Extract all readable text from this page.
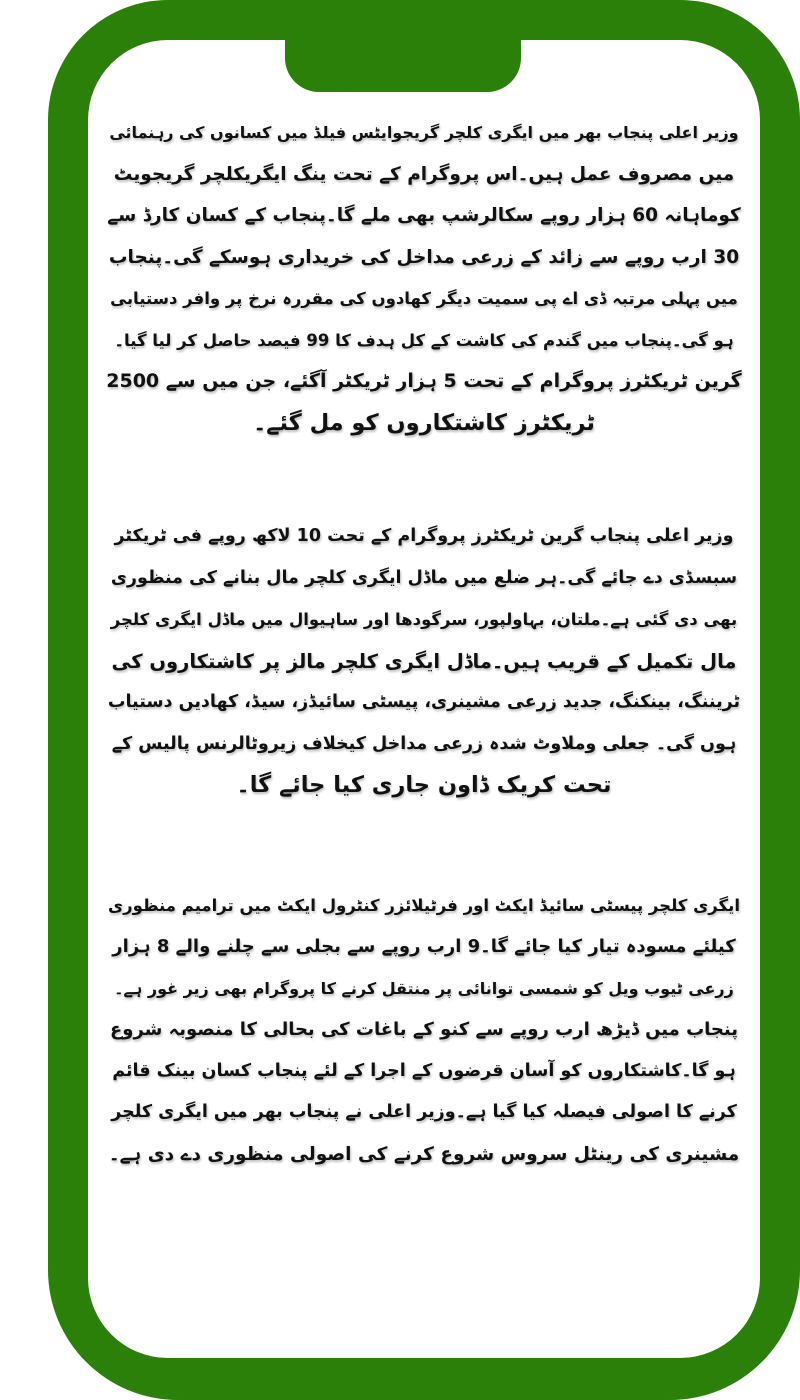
وزیر اعلی پنجاب بھر میں ایگری کلچر گریجوایٹس فیلڈ میں کسانوں کی رہنمائی
میں مصروف عمل ہیں۔اس پروگرام کے تحت ینگ ایگریکلچر گریجویٹ
کوماہانہ 60 ہزار روپے سکالرشپ بھی ملے گا۔پنجاب کے کسان کارڈ سے
30 ارب روپے سے زائد کے زرعی مداخل کی خریداری ہوسکے گی۔پنجاب
میں پہلی مرتبہ ڈی اے پی سمیت دیگر کھادوں کی مقررہ نرخ پر وافر دستیابی
ہو گی۔پنجاب میں گندم کی کاشت کے کل ہدف کا 99 فیصد حاصل کر لیا گیا۔
گرین ٹریکٹرز پروگرام کے تحت 5 ہزار ٹریکٹر آگئے، جن میں سے 2500
ٹریکٹرز کاشتکاروں کو مل گئے۔

وزیر اعلی پنجاب گرین ٹریکٹرز پروگرام کے تحت 10 لاکھ روپے فی ٹریکٹر
سبسڈی دے جائے گی۔ہر ضلع میں ماڈل ایگری کلچر مال بنانے کی منظوری
بھی دی گئی ہے۔ملتان، بہاولپور، سرگودھا اور ساہیوال میں ماڈل ایگری کلچر
مال تکمیل کے قریب ہیں۔ماڈل ایگری کلچر مالز پر کاشتکاروں کی
ٹریننگ، بینکنگ، جدید زرعی مشینری، پیسٹی سائیڈز، سیڈ، کھادیں دستیاب
ہوں گی۔ جعلی وملاوٹ شدہ زرعی مداخل کیخلاف زیروٹالرنس پالیس کے
تحت کریک ڈاون جاری کیا جائے گا۔

ایگری کلچر پیسٹی سائیڈ ایکٹ اور فرٹیلائزر کنٹرول ایکٹ میں ترامیم منظوری
کیلئے مسودہ تیار کیا جائے گا۔9 ارب روپے سے بجلی سے چلنے والے 8 ہزار
زرعی ٹیوب ویل کو شمسی توانائی پر منتقل کرنے کا پروگرام بھی زیر غور ہے۔
پنجاب میں ڈیڑھ ارب روپے سے کنو کے باغات کی بحالی کا منصوبہ شروع
ہو گا۔کاشتکاروں کو آسان قرضوں کے اجرا کے لئے پنجاب کسان بینک قائم
کرنے کا اصولی فیصلہ کیا گیا ہے۔وزیر اعلی نے پنجاب بھر میں ایگری کلچر
مشینری کی رینٹل سروس شروع کرنے کی اصولی منظوری دے دی ہے۔
